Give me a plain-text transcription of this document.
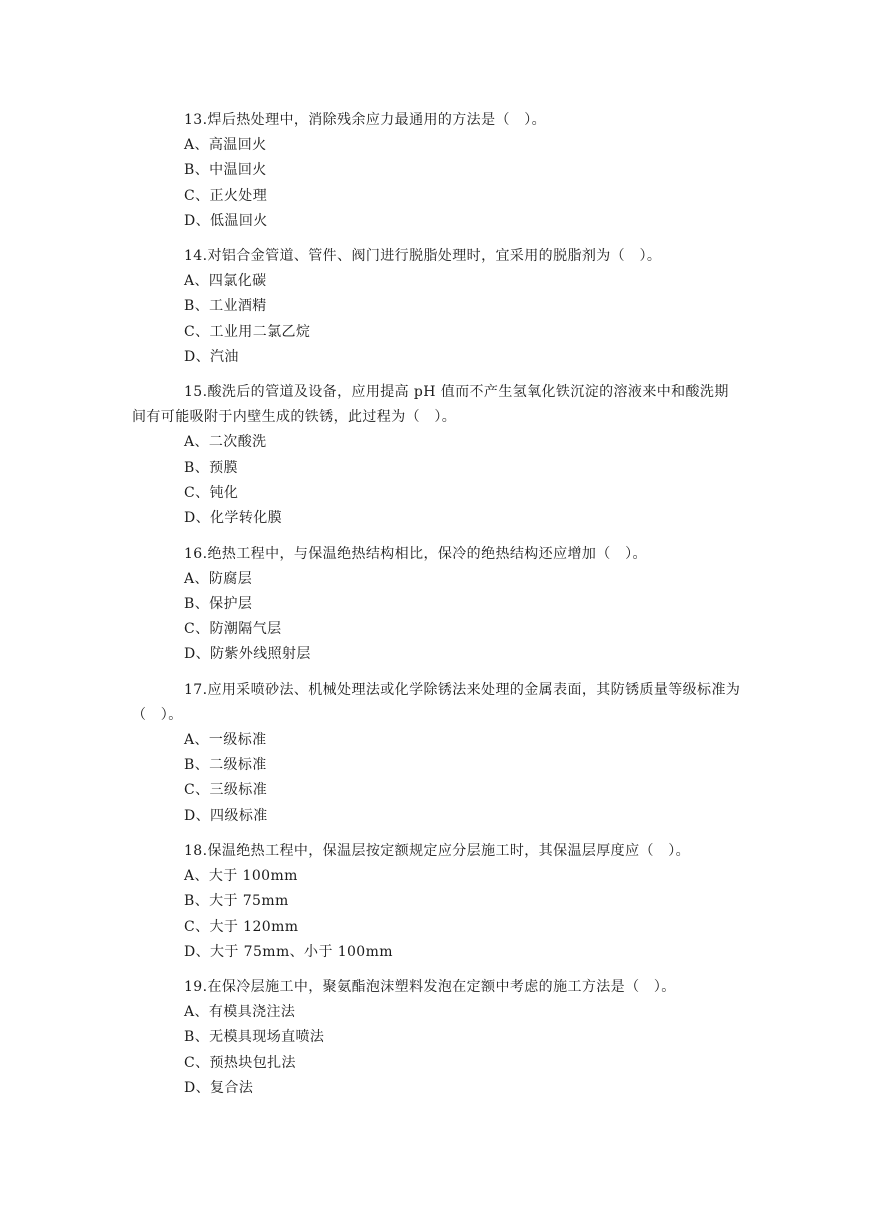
13.焊后热处理中，消除残余应力最通用的方法是（　）。

A、高温回火

B、中温回火

C、正火处理

D、低温回火

14.对铝合金管道、管件、阀门进行脱脂处理时，宜采用的脱脂剂为（　）。

A、四氯化碳

B、工业酒精

C、工业用二氯乙烷

D、汽油

15.酸洗后的管道及设备，应用提高 pH 值而不产生氢氧化铁沉淀的溶液来中和酸洗期间有可能吸附于内壁生成的铁锈，此过程为（　）。

A、二次酸洗

B、预膜

C、钝化

D、化学转化膜

16.绝热工程中，与保温绝热结构相比，保冷的绝热结构还应增加（　）。

A、防腐层

B、保护层

C、防潮隔气层

D、防紫外线照射层

17.应用采喷砂法、机械处理法或化学除锈法来处理的金属表面，其防锈质量等级标准为（　）。

A、一级标准

B、二级标准

C、三级标准

D、四级标准

18.保温绝热工程中，保温层按定额规定应分层施工时，其保温层厚度应（　）。

A、大于 100mm

B、大于 75mm

C、大于 120mm

D、大于 75mm、小于 100mm

19.在保冷层施工中，聚氨酯泡沫塑料发泡在定额中考虑的施工方法是（　）。

A、有模具浇注法

B、无模具现场直喷法

C、预热块包扎法

D、复合法
